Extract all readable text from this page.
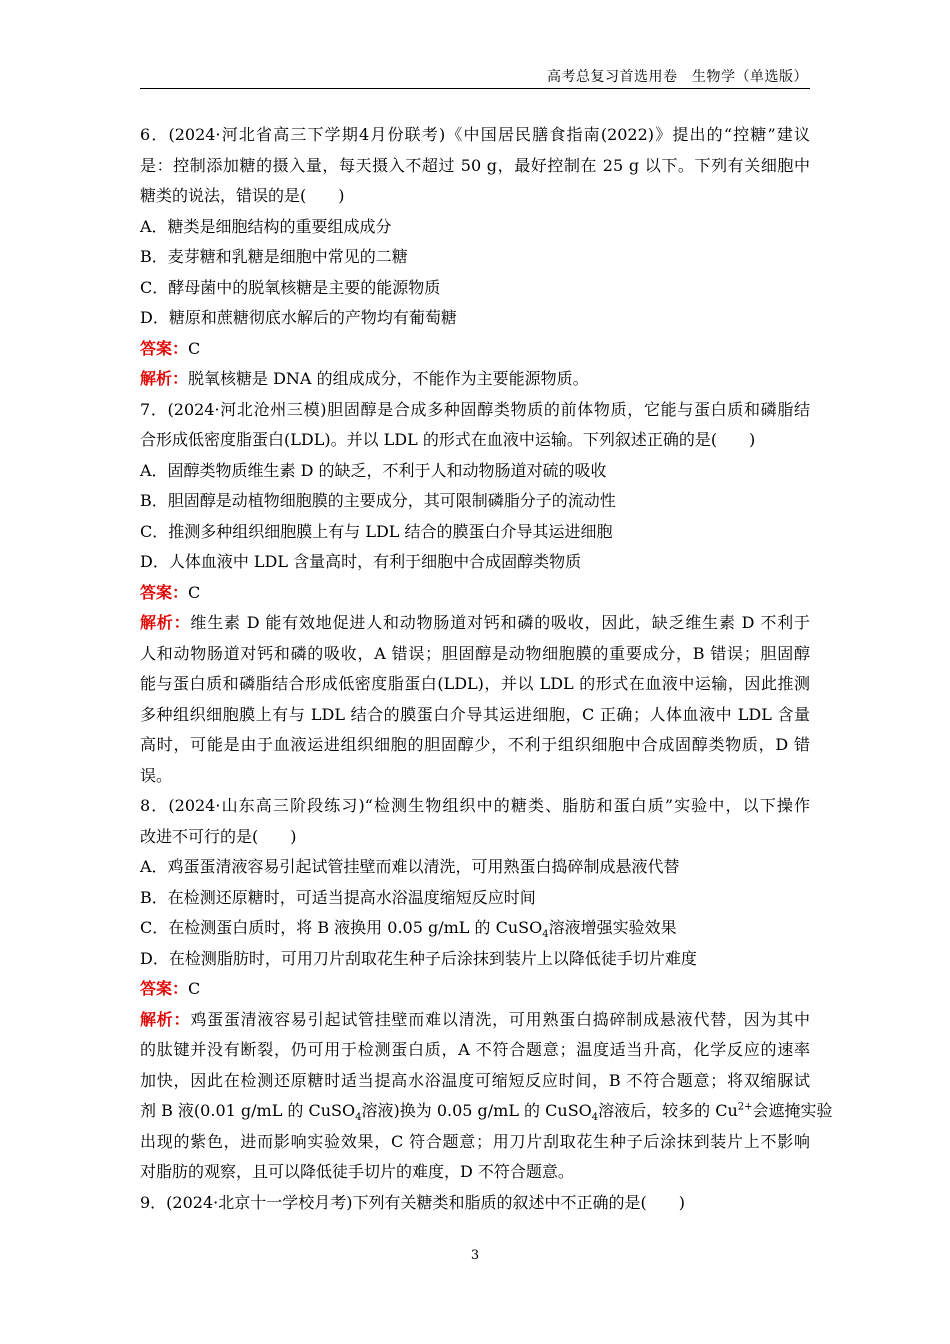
高考总复习首选用卷　生物学（单选版）
6．(2024·河北省高三下学期4月份联考)《中国居民膳食指南(2022)》提出的“控糖”建议
是：控制添加糖的摄入量，每天摄入不超过 50 g，最好控制在 25 g 以下。下列有关细胞中
糖类的说法，错误的是(　　)
A．糖类是细胞结构的重要组成成分
B．麦芽糖和乳糖是细胞中常见的二糖
C．酵母菌中的脱氧核糖是主要的能源物质
D．糖原和蔗糖彻底水解后的产物均有葡萄糖
答案：C
解析：脱氧核糖是 DNA 的组成成分，不能作为主要能源物质。
7．(2024·河北沧州三模)胆固醇是合成多种固醇类物质的前体物质，它能与蛋白质和磷脂结
合形成低密度脂蛋白(LDL)。并以 LDL 的形式在血液中运输。下列叙述正确的是(　　)
A．固醇类物质维生素 D 的缺乏，不利于人和动物肠道对硫的吸收
B．胆固醇是动植物细胞膜的主要成分，其可限制磷脂分子的流动性
C．推测多种组织细胞膜上有与 LDL 结合的膜蛋白介导其运进细胞
D．人体血液中 LDL 含量高时，有利于细胞中合成固醇类物质
答案：C
解析：维生素 D 能有效地促进人和动物肠道对钙和磷的吸收，因此，缺乏维生素 D 不利于
人和动物肠道对钙和磷的吸收，A 错误；胆固醇是动物细胞膜的重要成分，B 错误；胆固醇
能与蛋白质和磷脂结合形成低密度脂蛋白(LDL)，并以 LDL 的形式在血液中运输，因此推测
多种组织细胞膜上有与 LDL 结合的膜蛋白介导其运进细胞，C 正确；人体血液中 LDL 含量
高时，可能是由于血液运进组织细胞的胆固醇少，不利于组织细胞中合成固醇类物质，D 错
误。
8．(2024·山东高三阶段练习)“检测生物组织中的糖类、脂肪和蛋白质”实验中，以下操作
改进不可行的是(　　)
A．鸡蛋蛋清液容易引起试管挂壁而难以清洗，可用熟蛋白捣碎制成悬液代替
B．在检测还原糖时，可适当提高水浴温度缩短反应时间
C．在检测蛋白质时，将 B 液换用 0.05 g/mL 的 CuSO$_4$溶液增强实验效果
D．在检测脂肪时，可用刀片刮取花生种子后涂抹到装片上以降低徒手切片难度
答案：C
解析：鸡蛋蛋清液容易引起试管挂壁而难以清洗，可用熟蛋白捣碎制成悬液代替，因为其中
的肽键并没有断裂，仍可用于检测蛋白质，A 不符合题意；温度适当升高，化学反应的速率
加快，因此在检测还原糖时适当提高水浴温度可缩短反应时间，B 不符合题意；将双缩脲试
剂 B 液(0.01 g/mL 的 CuSO$_4$溶液)换为 0.05 g/mL 的 CuSO$_4$溶液后，较多的 $Cu^{2+}$会遮掩实验
出现的紫色，进而影响实验效果，C 符合题意；用刀片刮取花生种子后涂抹到装片上不影响
对脂肪的观察，且可以降低徒手切片的难度，D 不符合题意。
9．(2024·北京十一学校月考)下列有关糖类和脂质的叙述中不正确的是(　　)
3
